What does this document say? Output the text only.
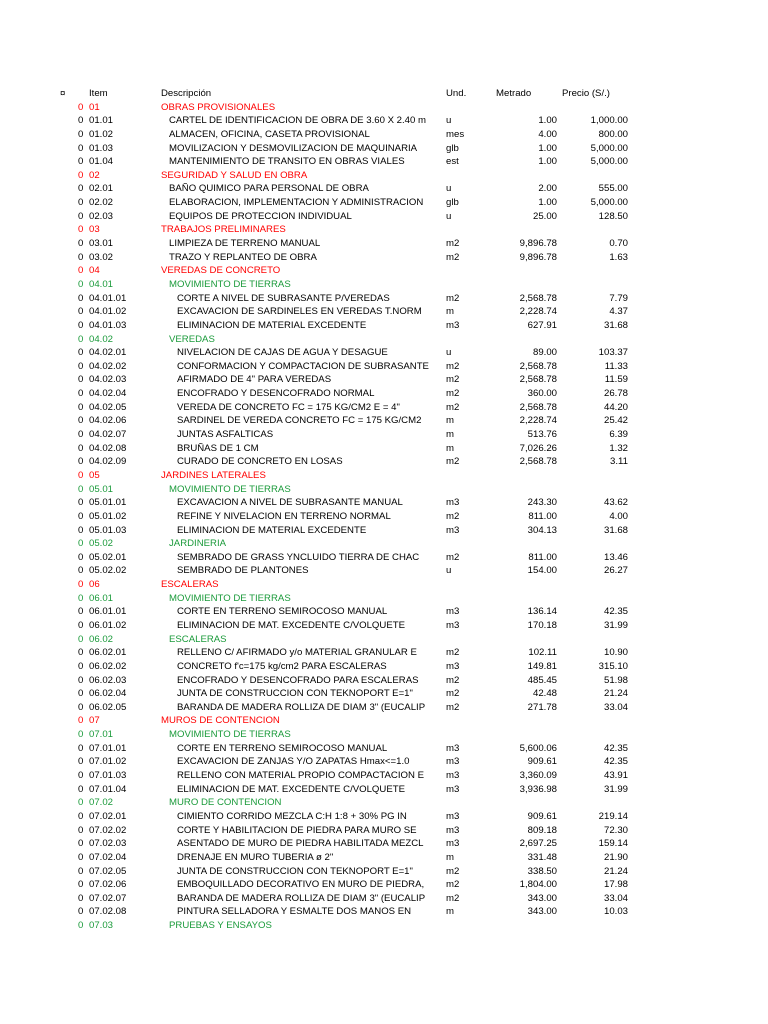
¤	Item	Descripción	Und.	Metrado	Precio (S/.)
0 01	OBRAS PROVISIONALES
0 01.01	CARTEL DE IDENTIFICACION DE OBRA DE 3.60 X 2.40 m	u	1.00	1,000.00
0 01.02	ALMACEN, OFICINA, CASETA PROVISIONAL	mes	4.00	800.00
0 01.03	MOVILIZACION Y DESMOVILIZACION DE MAQUINARIA	glb	1.00	5,000.00
0 01.04	MANTENIMIENTO DE TRANSITO EN OBRAS VIALES	est	1.00	5,000.00
0 02	SEGURIDAD Y SALUD EN OBRA
0 02.01	BAÑO QUIMICO PARA PERSONAL DE OBRA	u	2.00	555.00
0 02.02	ELABORACION, IMPLEMENTACION Y ADMINISTRACION	glb	1.00	5,000.00
0 02.03	EQUIPOS DE PROTECCION INDIVIDUAL	u	25.00	128.50
0 03	TRABAJOS PRELIMINARES
0 03.01	LIMPIEZA DE TERRENO MANUAL	m2	9,896.78	0.70
0 03.02	TRAZO Y REPLANTEO DE OBRA	m2	9,896.78	1.63
0 04	VEREDAS DE CONCRETO
0 04.01	MOVIMIENTO DE TIERRAS
0 04.01.01	CORTE A NIVEL DE SUBRASANTE P/VEREDAS	m2	2,568.78	7.79
0 04.01.02	EXCAVACION DE SARDINELES EN VEREDAS T.NORM	m	2,228.74	4.37
0 04.01.03	ELIMINACION DE MATERIAL EXCEDENTE	m3	627.91	31.68
0 04.02	VEREDAS
0 04.02.01	NIVELACION DE CAJAS DE AGUA Y DESAGUE	u	89.00	103.37
0 04.02.02	CONFORMACION Y COMPACTACION DE SUBRASANTE	m2	2,568.78	11.33
0 04.02.03	AFIRMADO DE 4" PARA VEREDAS	m2	2,568.78	11.59
0 04.02.04	ENCOFRADO Y DESENCOFRADO NORMAL	m2	360.00	26.78
0 04.02.05	VEREDA DE CONCRETO FC = 175 KG/CM2 E = 4"	m2	2,568.78	44.20
0 04.02.06	SARDINEL DE VEREDA CONCRETO FC = 175 KG/CM2	m	2,228.74	25.42
0 04.02.07	JUNTAS ASFALTICAS	m	513.76	6.39
0 04.02.08	BRUÑAS DE 1 CM	m	7,026.26	1.32
0 04.02.09	CURADO DE CONCRETO EN LOSAS	m2	2,568.78	3.11
0 05	JARDINES LATERALES
0 05.01	MOVIMIENTO DE TIERRAS
0 05.01.01	EXCAVACION A NIVEL DE SUBRASANTE MANUAL	m3	243.30	43.62
0 05.01.02	REFINE Y NIVELACION EN TERRENO NORMAL	m2	811.00	4.00
0 05.01.03	ELIMINACION DE MATERIAL EXCEDENTE	m3	304.13	31.68
0 05.02	JARDINERIA
0 05.02.01	SEMBRADO DE GRASS YNCLUIDO TIERRA DE CHAC	m2	811.00	13.46
0 05.02.02	SEMBRADO DE PLANTONES	u	154.00	26.27
0 06	ESCALERAS
0 06.01	MOVIMIENTO DE TIERRAS
0 06.01.01	CORTE EN TERRENO SEMIROCOSO MANUAL	m3	136.14	42.35
0 06.01.02	ELIMINACION DE MAT. EXCEDENTE C/VOLQUETE	m3	170.18	31.99
0 06.02	ESCALERAS
0 06.02.01	RELLENO C/ AFIRMADO y/o MATERIAL GRANULAR E	m2	102.11	10.90
0 06.02.02	CONCRETO f'c=175 kg/cm2 PARA ESCALERAS	m3	149.81	315.10
0 06.02.03	ENCOFRADO Y DESENCOFRADO PARA ESCALERAS	m2	485.45	51.98
0 06.02.04	JUNTA DE CONSTRUCCION CON TEKNOPORT E=1"	m2	42.48	21.24
0 06.02.05	BARANDA DE MADERA ROLLIZA DE DIAM 3" (EUCALIP	m2	271.78	33.04
0 07	MUROS DE CONTENCION
0 07.01	MOVIMIENTO DE TIERRAS
0 07.01.01	CORTE EN TERRENO SEMIROCOSO MANUAL	m3	5,600.06	42.35
0 07.01.02	EXCAVACION DE ZANJAS Y/O ZAPATAS Hmax<=1.0	m3	909.61	42.35
0 07.01.03	RELLENO CON MATERIAL PROPIO COMPACTACION E	m3	3,360.09	43.91
0 07.01.04	ELIMINACION DE MAT. EXCEDENTE C/VOLQUETE	m3	3,936.98	31.99
0 07.02	MURO DE CONTENCION
0 07.02.01	CIMIENTO CORRIDO MEZCLA C:H 1:8 + 30% PG IN	m3	909.61	219.14
0 07.02.02	CORTE Y HABILITACION DE PIEDRA PARA MURO SE	m3	809.18	72.30
0 07.02.03	ASENTADO DE MURO DE PIEDRA HABILITADA MEZCL	m3	2,697.25	159.14
0 07.02.04	DRENAJE EN MURO TUBERIA ø 2"	m	331.48	21.90
0 07.02.05	JUNTA DE CONSTRUCCION CON TEKNOPORT E=1"	m2	338.50	21.24
0 07.02.06	EMBOQUILLADO DECORATIVO EN MURO DE PIEDRA,	m2	1,804.00	17.98
0 07.02.07	BARANDA DE MADERA ROLLIZA DE DIAM 3" (EUCALIP	m2	343.00	33.04
0 07.02.08	PINTURA SELLADORA Y ESMALTE DOS MANOS EN	m	343.00	10.03
0 07.03	PRUEBAS Y ENSAYOS
